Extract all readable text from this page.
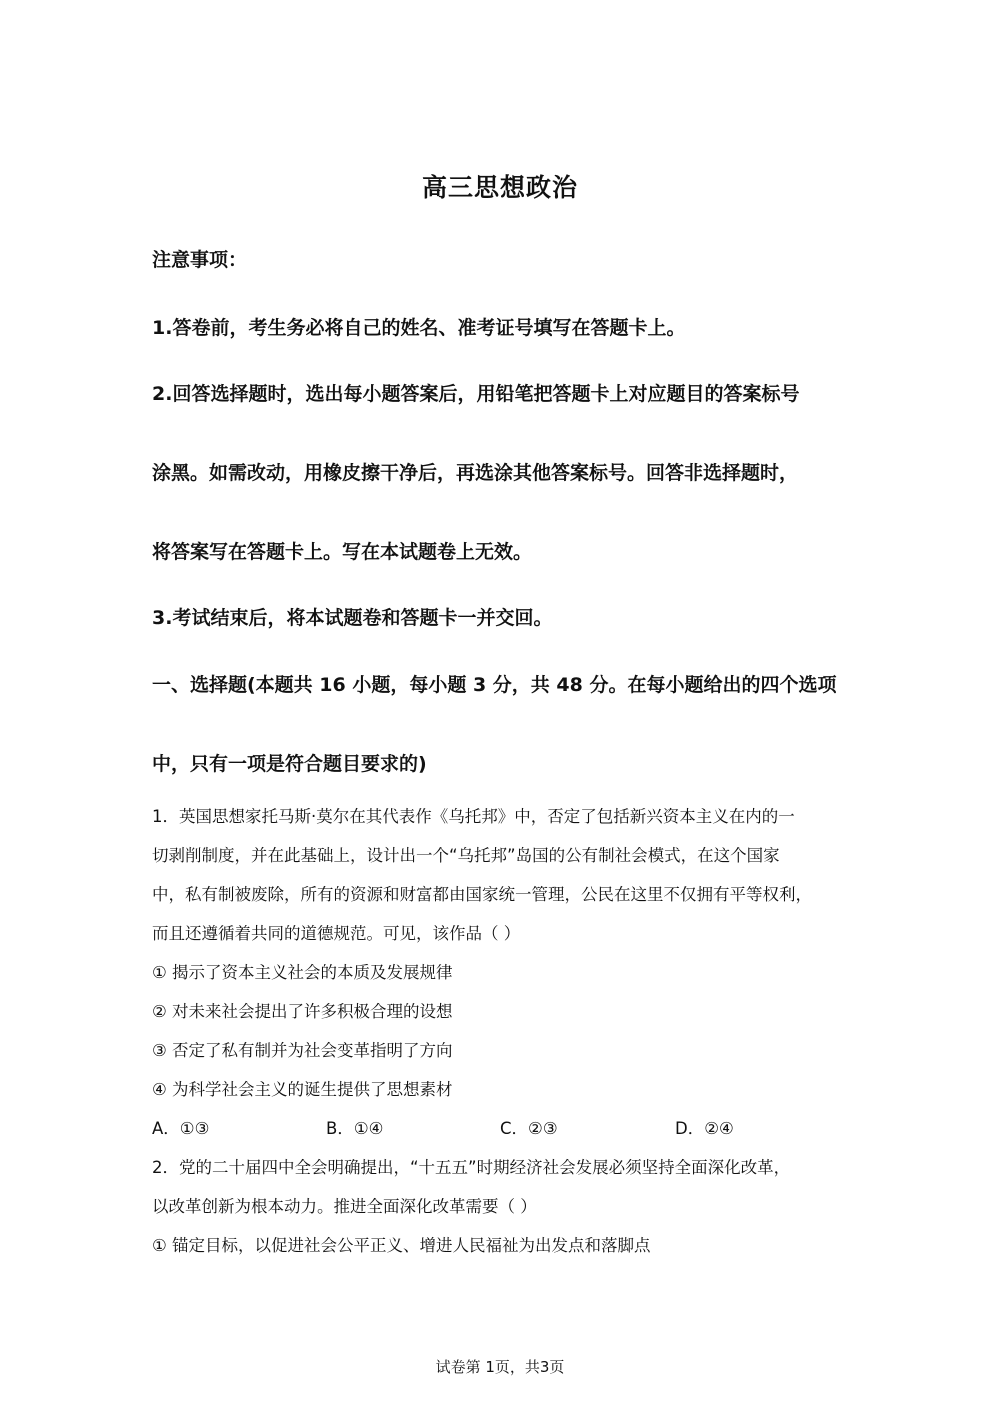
高三思想政治
注意事项：
1.答卷前，考生务必将自己的姓名、准考证号填写在答题卡上。
2.回答选择题时，选出每小题答案后，用铅笔把答题卡上对应题目的答案标号
涂黑。如需改动，用橡皮擦干净后，再选涂其他答案标号。回答非选择题时，
将答案写在答题卡上。写在本试题卷上无效。
3.考试结束后，将本试题卷和答题卡一并交回。
一、选择题(本题共 16 小题，每小题 3 分，共 48 分。在每小题给出的四个选项
中，只有一项是符合题目要求的)
1．英国思想家托马斯·莫尔在其代表作《乌托邦》中，否定了包括新兴资本主义在内的一
切剥削制度，并在此基础上，设计出一个“乌托邦”岛国的公有制社会模式，在这个国家
中，私有制被废除，所有的资源和财富都由国家统一管理，公民在这里不仅拥有平等权利，
而且还遵循着共同的道德规范。可见，该作品（ ）
① 揭示了资本主义社会的本质及发展规律
② 对未来社会提出了许多积极合理的设想
③ 否定了私有制并为社会变革指明了方向
④ 为科学社会主义的诞生提供了思想素材
A．①③	B．①④	C．②③	D．②④
2．党的二十届四中全会明确提出，“十五五”时期经济社会发展必须坚持全面深化改革，
以改革创新为根本动力。推进全面深化改革需要（ ）
① 锚定目标，以促进社会公平正义、增进人民福祉为出发点和落脚点
试卷第 1页，共3页
